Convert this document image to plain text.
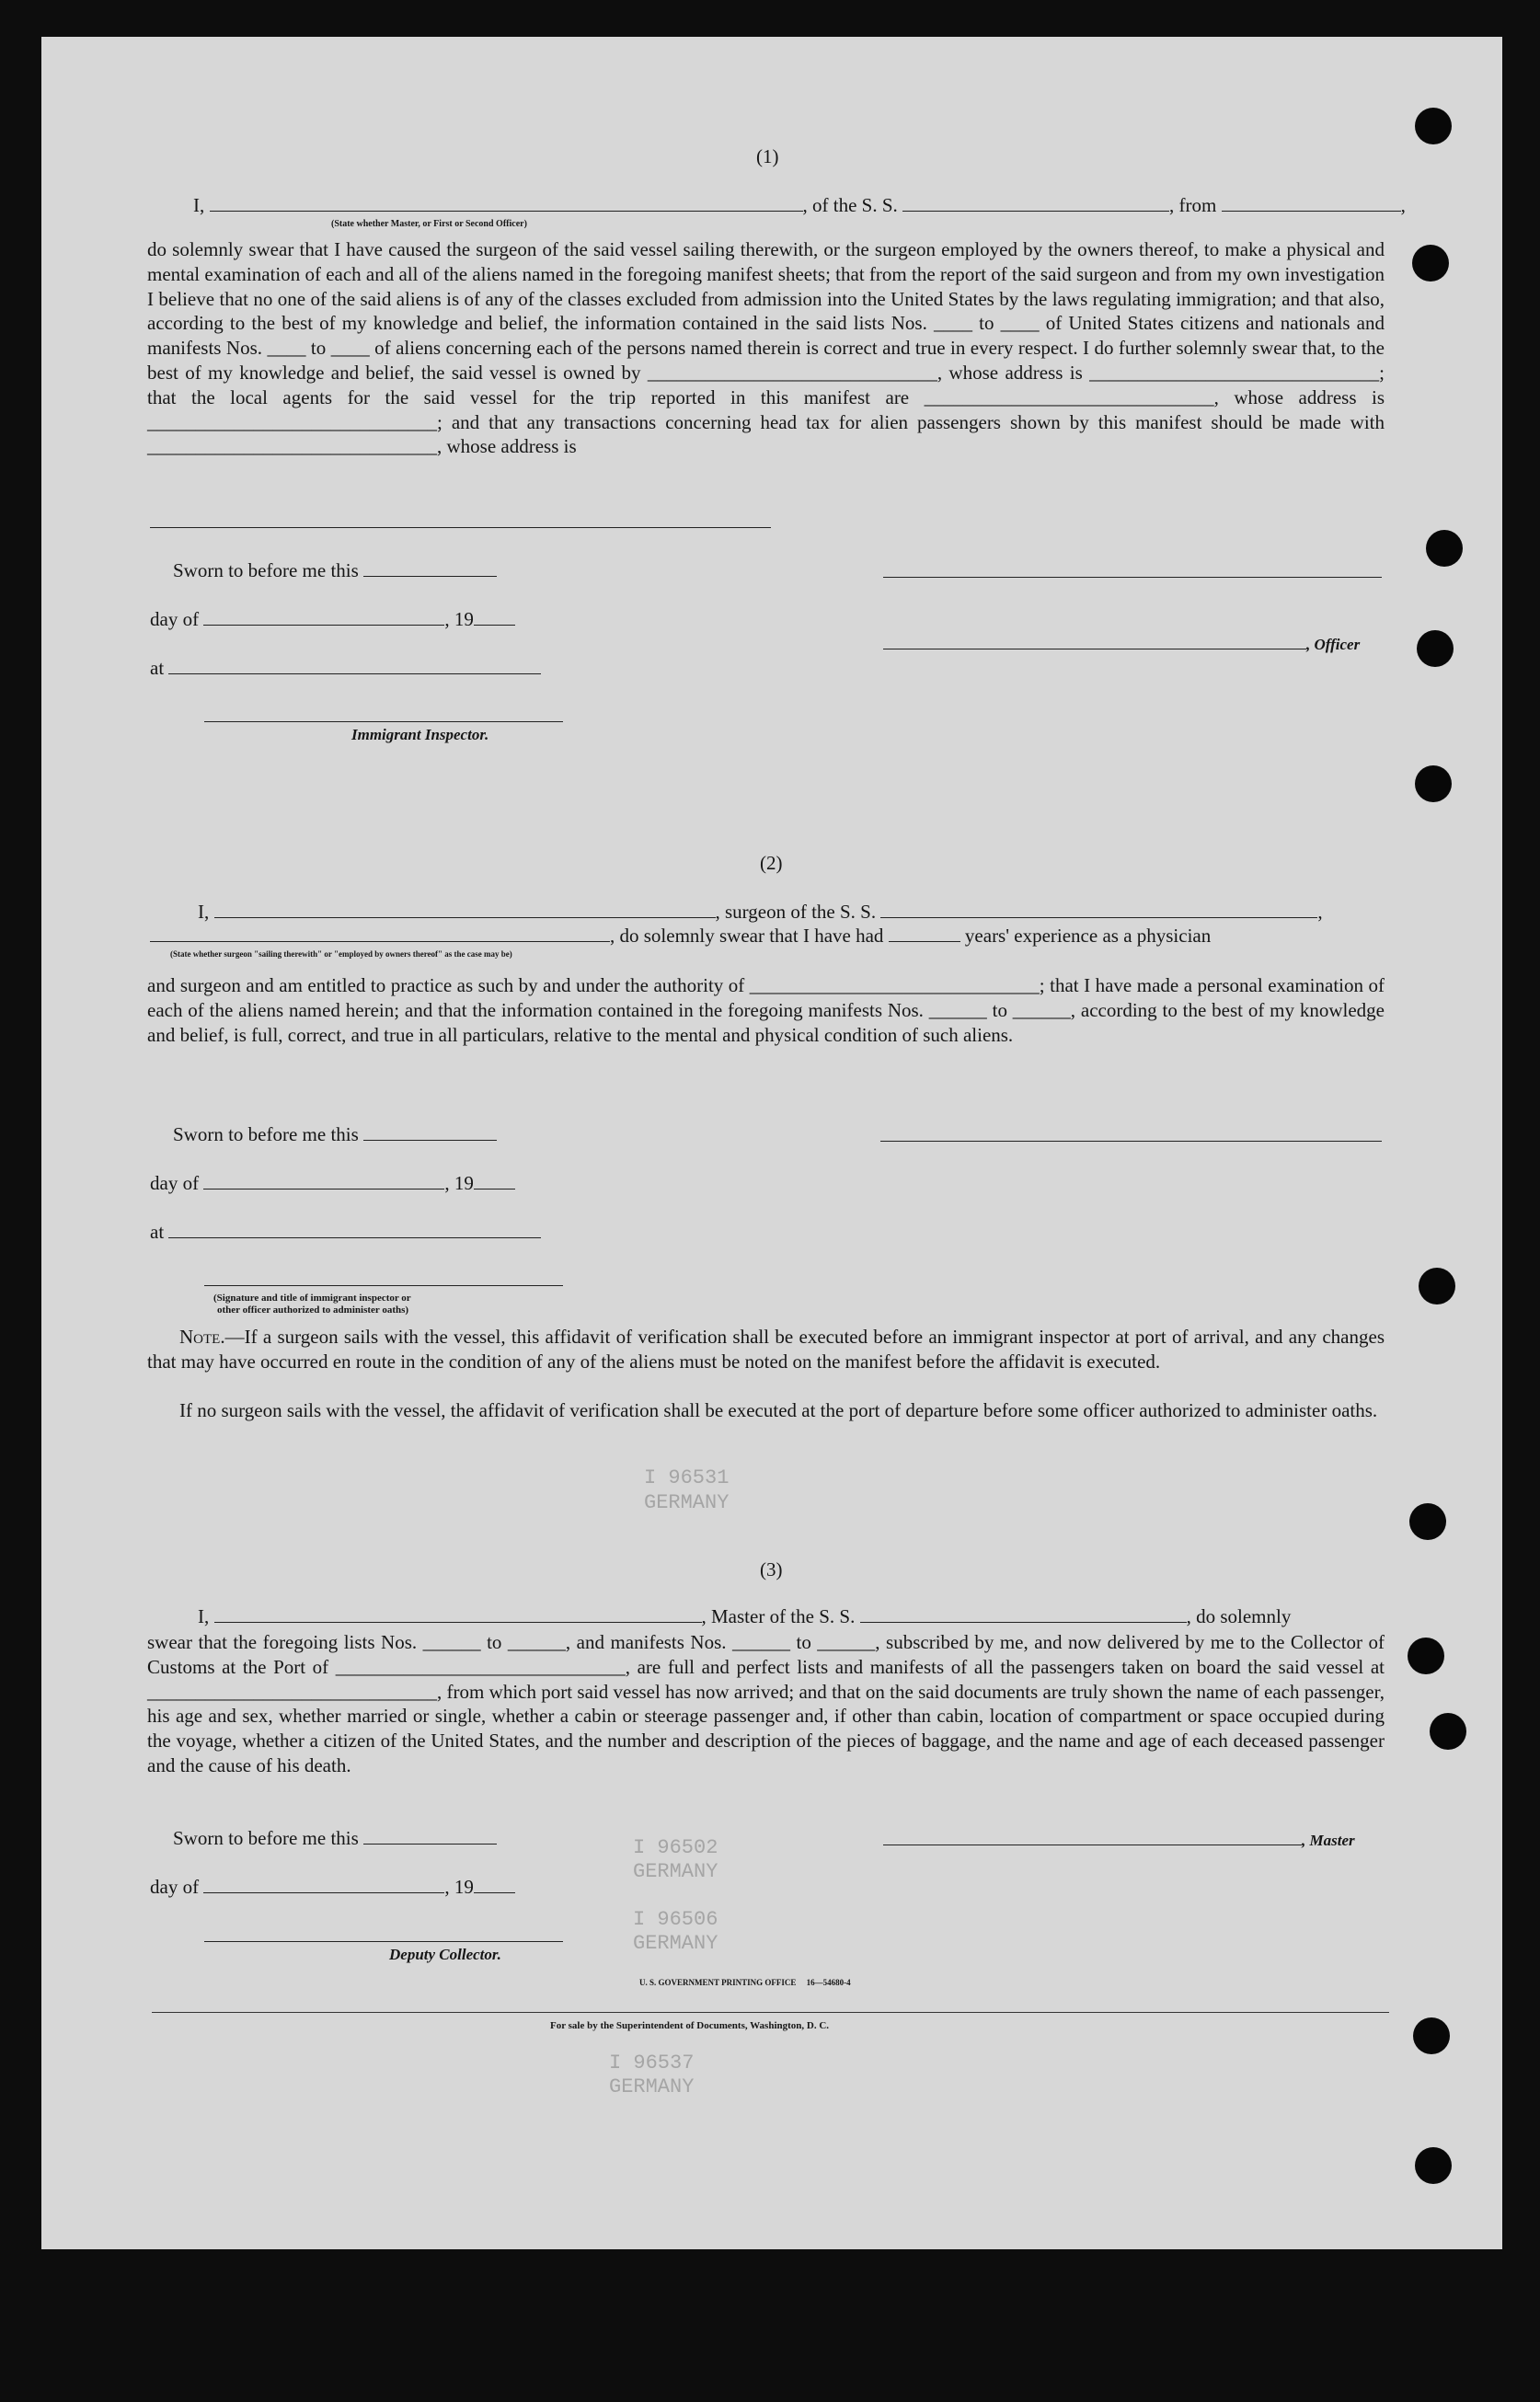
I 96531
GERMANY
I 96502
GERMANY
I 96506
GERMANY
I 96537
GERMANY
(1)
I,	, of the S. S.	, from	,
(State whether Master, or First or Second Officer)
do solemnly swear that I have caused the surgeon of the said vessel sailing therewith, or the surgeon employed by the owners thereof, to make a physical and mental examination of each and all of the aliens named in the foregoing manifest sheets; that from the report of the said surgeon and from my own investigation I believe that no one of the said aliens is of any of the classes excluded from admission into the United States by the laws regulating immigration; and that also, according to the best of my knowledge and belief, the information contained in the said lists Nos. ____ to ____ of United States citizens and nationals and manifests Nos. ____ to ____ of aliens concerning each of the persons named therein is correct and true in every respect. I do further solemnly swear that, to the best of my knowledge and belief, the said vessel is owned by ______________________________, whose address is ______________________________; that the local agents for the said vessel for the trip reported in this manifest are ______________________________, whose address is ______________________________; and that any transactions concerning head tax for alien passengers shown by this manifest should be made with ______________________________, whose address is
Sworn to before me this
day of	, 19
, Officer
at
Immigrant Inspector.
(2)
I,	, surgeon of the S. S.	,
, do solemnly swear that I have had	years' experience as a physician
(State whether surgeon "sailing therewith" or "employed by owners thereof" as the case may be)
and surgeon and am entitled to practice as such by and under the authority of ______________________________; that I have made a personal examination of each of the aliens named herein; and that the information contained in the foregoing manifests Nos. ______ to ______, according to the best of my knowledge and belief, is full, correct, and true in all particulars, relative to the mental and physical condition of such aliens.
Sworn to before me this
day of	, 19
at
(Signature and title of immigrant inspector or
other officer authorized to administer oaths)
Note.—If a surgeon sails with the vessel, this affidavit of verification shall be executed before an immigrant inspector at port of arrival, and any changes that may have occurred en route in the condition of any of the aliens must be noted on the manifest before the affidavit is executed.
If no surgeon sails with the vessel, the affidavit of verification shall be executed at the port of departure before some officer authorized to administer oaths.
(3)
I,	, Master of the S. S.	, do solemnly
swear that the foregoing lists Nos. ______ to ______, and manifests Nos. ______ to ______, subscribed by me, and now delivered by me to the Collector of Customs at the Port of ______________________________, are full and perfect lists and manifests of all the passengers taken on board the said vessel at ______________________________, from which port said vessel has now arrived; and that on the said documents are truly shown the name of each passenger, his age and sex, whether married or single, whether a cabin or steerage passenger and, if other than cabin, location of compartment or space occupied during the voyage, whether a citizen of the United States, and the number and description of the pieces of baggage, and the name and age of each deceased passenger and the cause of his death.
Sworn to before me this	, Master
day of	, 19
Deputy Collector.
U. S. GOVERNMENT PRINTING OFFICE     16—54680-4
For sale by the Superintendent of Documents, Washington, D. C.
